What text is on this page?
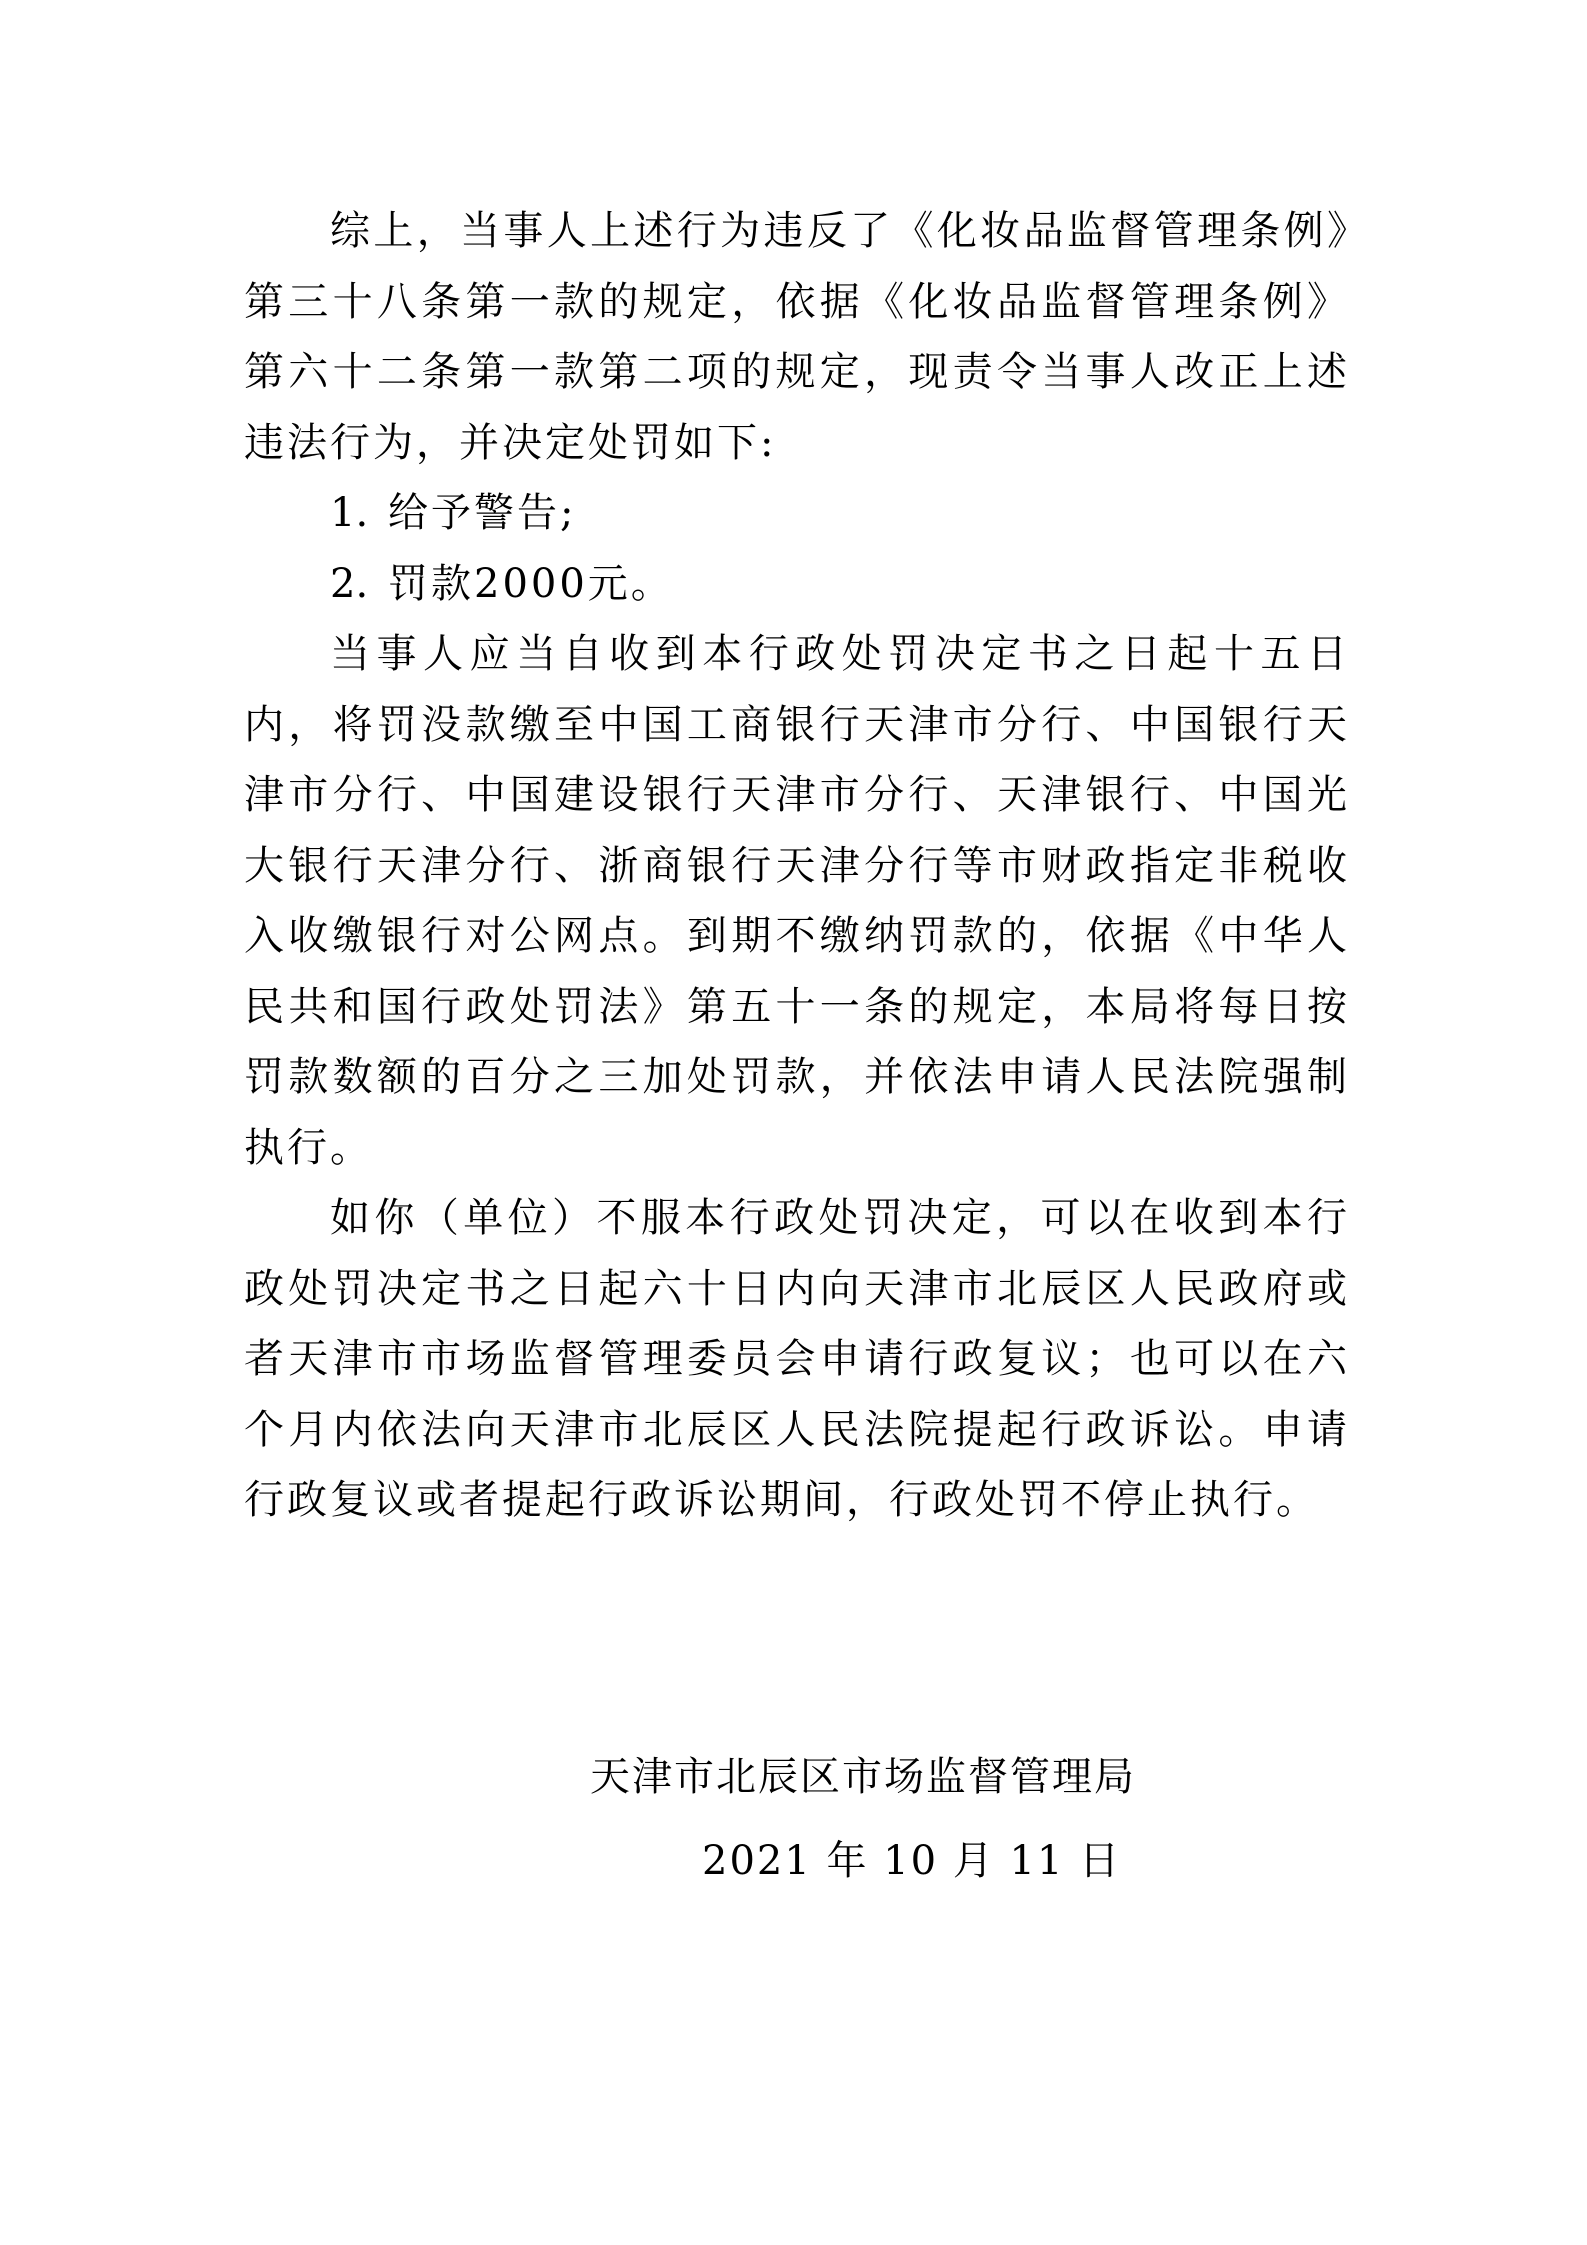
综上，当事人上述行为违反了《化妆品监督管理条例》第三十八条第一款的规定，依据《化妆品监督管理条例》第六十二条第一款第二项的规定，现责令当事人改正上述违法行为，并决定处罚如下:

1. 给予警告;

2. 罚款2000元。

当事人应当自收到本行政处罚决定书之日起十五日内，将罚没款缴至中国工商银行天津市分行、中国银行天津市分行、中国建设银行天津市分行、天津银行、中国光大银行天津分行、浙商银行天津分行等市财政指定非税收入收缴银行对公网点。到期不缴纳罚款的，依据《中华人民共和国行政处罚法》第五十一条的规定，本局将每日按罚款数额的百分之三加处罚款，并依法申请人民法院强制执行。

如你（单位）不服本行政处罚决定，可以在收到本行政处罚决定书之日起六十日内向天津市北辰区人民政府或者天津市市场监督管理委员会申请行政复议；也可以在六个月内依法向天津市北辰区人民法院提起行政诉讼。申请行政复议或者提起行政诉讼期间，行政处罚不停止执行。

天津市北辰区市场监督管理局

2021 年 10 月 11 日
